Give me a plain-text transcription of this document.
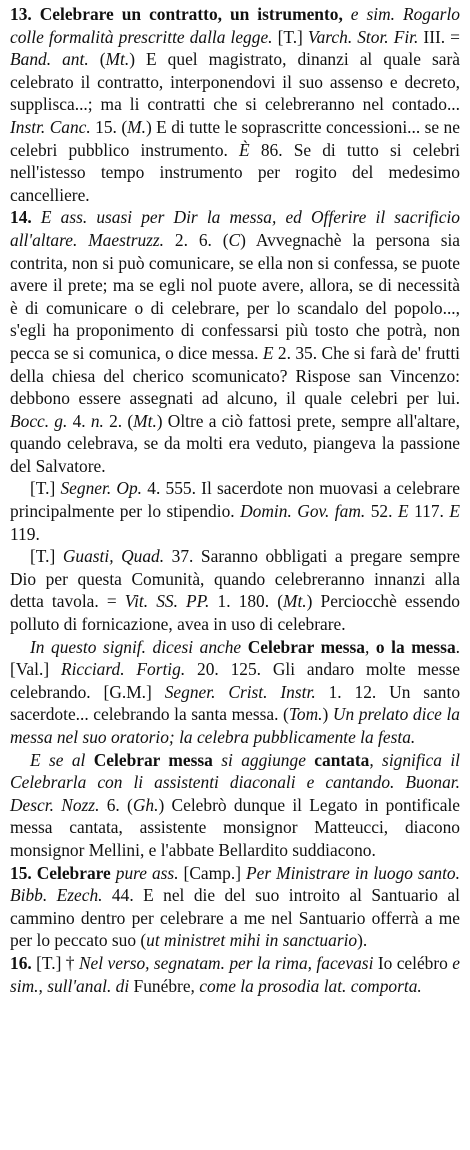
13. Celebrare un contratto, un istrumento, e sim. Rogarlo colle formalità prescritte dalla legge. [T.] Varch. Stor. Fir. III. = Band. ant. (Mt.) E quel magistrato, dinanzi al quale sarà celebrato il contratto, interponendovi il suo assenso e decreto, supplisca...; ma li contratti che si celebreranno nel contado... Instr. Canc. 15. (M.) E di tutte le soprascritte concessioni... se ne celebri pubblico instrumento. È 86. Se di tutto si celebri nell'istesso tempo instrumento per rogito del medesimo cancelliere.

14. E ass. usasi per Dir la messa, ed Offerire il sacrificio all'altare. Maestruzz. 2. 6. (C) Avvegnachè la persona sia contrita, non si può comunicare, se ella non si confessa, se puote avere il prete; ma se egli nol puote avere, allora, se di necessità è di comunicare o di celebrare, per lo scandalo del popolo..., s'egli ha proponimento di confessarsi più tosto che potrà, non pecca se si comunica, o dice messa. E 2. 35. Che si farà de' frutti della chiesa del cherico scomunicato? Rispose san Vincenzo: debbono essere assegnati ad alcuno, il quale celebri per lui. Bocc. g. 4. n. 2. (Mt.) Oltre a ciò fattosi prete, sempre all'altare, quando celebrava, se da molti era veduto, piangeva la passione del Salvatore.

[T.] Segner. Op. 4. 555. Il sacerdote non muovasi a celebrare principalmente per lo stipendio. Domin. Gov. fam. 52. E 117. E 119.

[T.] Guasti, Quad. 37. Saranno obbligati a pregare sempre Dio per questa Comunità, quando celebreranno innanzi alla detta tavola. = Vit. SS. PP. 1. 180. (Mt.) Perciocchè essendo polluto di fornicazione, avea in uso di celebrare.

In questo signif. dicesi anche Celebrar messa, o la messa. [Val.] Ricciard. Fortig. 20. 125. Gli andaro molte messe celebrando. [G.M.] Segner. Crist. Instr. 1. 12. Un santo sacerdote... celebrando la santa messa. (Tom.) Un prelato dice la messa nel suo oratorio; la celebra pubblicamente la festa.

E se al Celebrar messa si aggiunge cantata, significa il Celebrarla con li assistenti diaconali e cantando. Buonar. Descr. Nozz. 6. (Gh.) Celebrò dunque il Legato in pontificale messa cantata, assistente monsignor Matteucci, diacono monsignor Mellini, e l'abbate Bellardito suddiacono.

15. Celebrare pure ass. [Camp.] Per Ministrare in luogo santo. Bibb. Ezech. 44. E nel die del suo introito al Santuario al cammino dentro per celebrare a me nel Santuario offerrà a me per lo peccato suo (ut ministret mihi in sanctuario).

16. [T.] † Nel verso, segnatam. per la rima, facevasi Io celébro e sim., sull'anal. di Funébre, come la prosodia lat. comporta.
